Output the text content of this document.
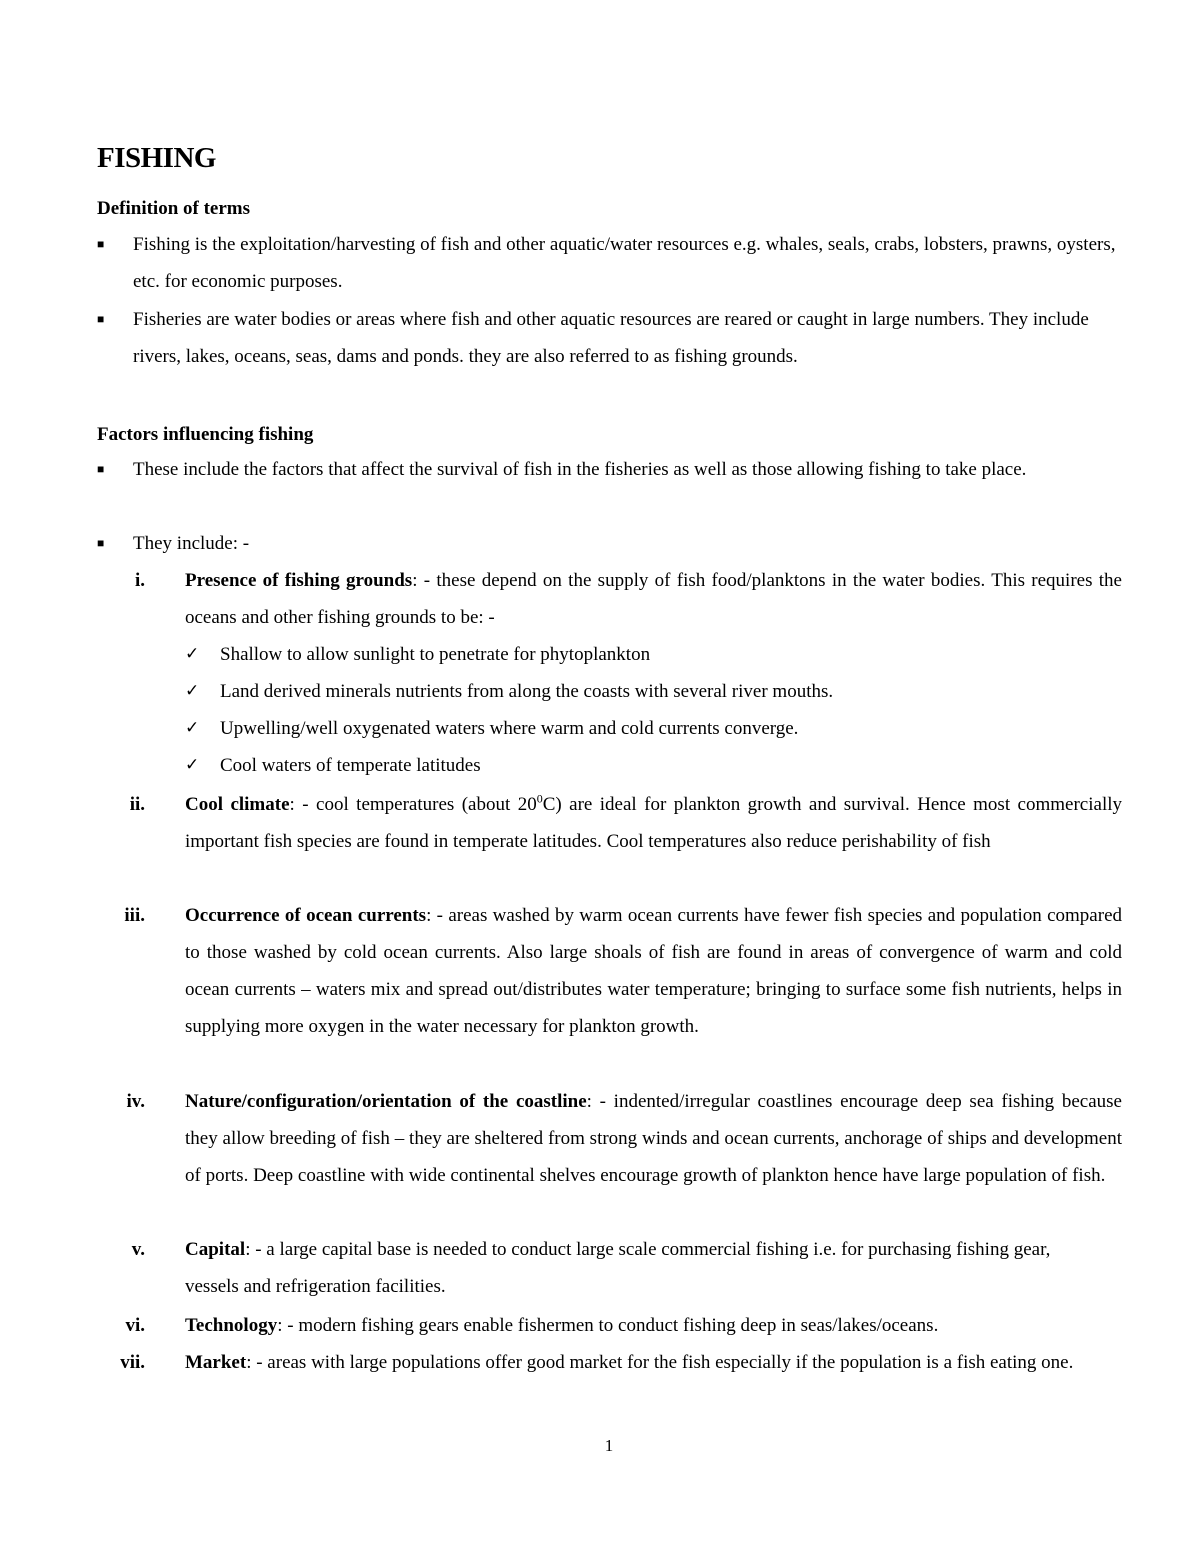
FISHING
Definition of terms
■ Fishing is the exploitation/harvesting of fish and other aquatic/water resources e.g. whales, seals, crabs, lobsters, prawns, oysters, etc. for economic purposes.
■ Fisheries are water bodies or areas where fish and other aquatic resources are reared or caught in large numbers. They include rivers, lakes, oceans, seas, dams and ponds. they are also referred to as fishing grounds.
Factors influencing fishing
■ These include the factors that affect the survival of fish in the fisheries as well as those allowing fishing to take place.
■ They include: -
i. Presence of fishing grounds: - these depend on the supply of fish food/planktons in the water bodies. This requires the oceans and other fishing grounds to be: -
✓ Shallow to allow sunlight to penetrate for phytoplankton
✓ Land derived minerals nutrients from along the coasts with several river mouths.
✓ Upwelling/well oxygenated waters where warm and cold currents converge.
✓ Cool waters of temperate latitudes
ii. Cool climate: - cool temperatures (about $20^0C$) are ideal for plankton growth and survival. Hence most commercially important fish species are found in temperate latitudes. Cool temperatures also reduce perishability of fish
iii. Occurrence of ocean currents: - areas washed by warm ocean currents have fewer fish species and population compared to those washed by cold ocean currents. Also large shoals of fish are found in areas of convergence of warm and cold ocean currents – waters mix and spread out/distributes water temperature; bringing to surface some fish nutrients, helps in supplying more oxygen in the water necessary for plankton growth.
iv. Nature/configuration/orientation of the coastline: - indented/irregular coastlines encourage deep sea fishing because they allow breeding of fish – they are sheltered from strong winds and ocean currents, anchorage of ships and development of ports. Deep coastline with wide continental shelves encourage growth of plankton hence have large population of fish.
v. Capital: - a large capital base is needed to conduct large scale commercial fishing i.e. for purchasing fishing gear, vessels and refrigeration facilities.
vi. Technology: - modern fishing gears enable fishermen to conduct fishing deep in seas/lakes/oceans.
vii. Market: - areas with large populations offer good market for the fish especially if the population is a fish eating one.
1
